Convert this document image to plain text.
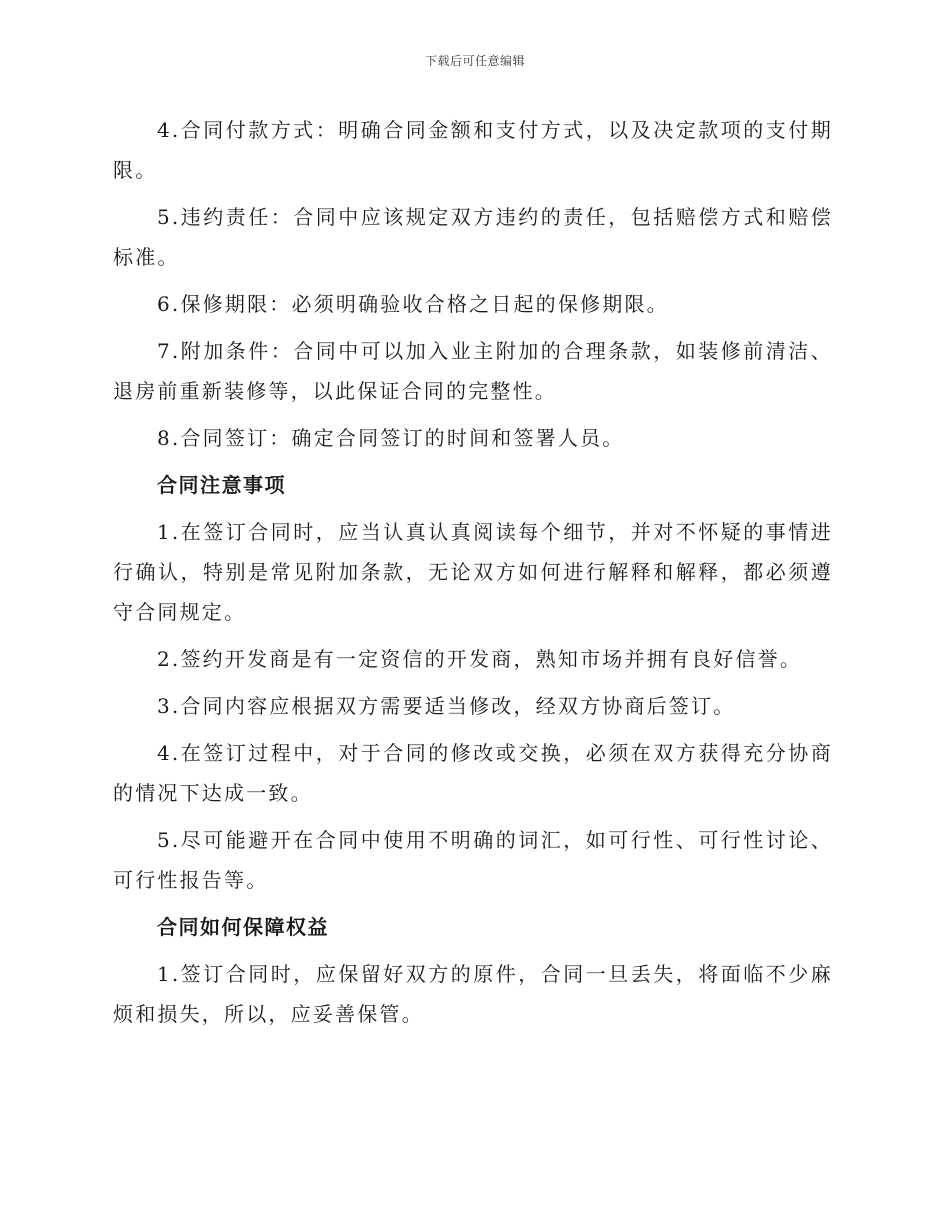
下载后可任意编辑

4.合同付款方式：明确合同金额和支付方式，以及决定款项的支付期限。

5.违约责任：合同中应该规定双方违约的责任，包括赔偿方式和赔偿标准。

6.保修期限：必须明确验收合格之日起的保修期限。

7.附加条件：合同中可以加入业主附加的合理条款，如装修前清洁、退房前重新装修等，以此保证合同的完整性。

8.合同签订：确定合同签订的时间和签署人员。

合同注意事项

1.在签订合同时，应当认真认真阅读每个细节，并对不怀疑的事情进行确认，特别是常见附加条款，无论双方如何进行解释和解释，都必须遵守合同规定。

2.签约开发商是有一定资信的开发商，熟知市场并拥有良好信誉。

3.合同内容应根据双方需要适当修改，经双方协商后签订。

4.在签订过程中，对于合同的修改或交换，必须在双方获得充分协商的情况下达成一致。

5.尽可能避开在合同中使用不明确的词汇，如可行性、可行性讨论、可行性报告等。

合同如何保障权益

1.签订合同时，应保留好双方的原件，合同一旦丢失，将面临不少麻烦和损失，所以，应妥善保管。
